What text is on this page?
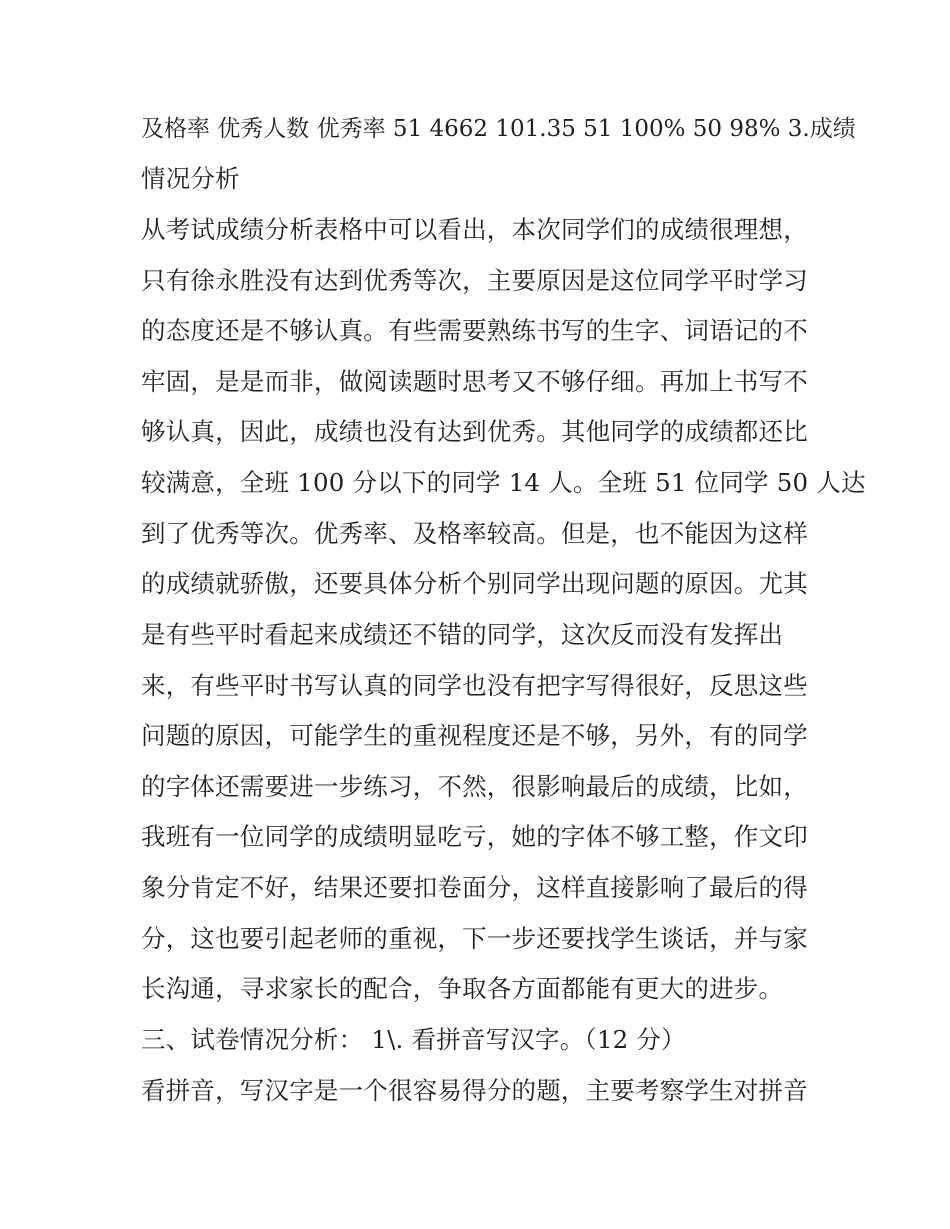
及格率 优秀人数 优秀率 51 4662 101.35 51 100% 50 98% 3.成绩
情况分析
从考试成绩分析表格中可以看出，本次同学们的成绩很理想，
只有徐永胜没有达到优秀等次，主要原因是这位同学平时学习
的态度还是不够认真。有些需要熟练书写的生字、词语记的不
牢固，是是而非，做阅读题时思考又不够仔细。再加上书写不
够认真，因此，成绩也没有达到优秀。其他同学的成绩都还比
较满意，全班 100 分以下的同学 14 人。全班 51 位同学 50 人达
到了优秀等次。优秀率、及格率较高。但是，也不能因为这样
的成绩就骄傲，还要具体分析个别同学出现问题的原因。尤其
是有些平时看起来成绩还不错的同学，这次反而没有发挥出
来，有些平时书写认真的同学也没有把字写得很好，反思这些
问题的原因，可能学生的重视程度还是不够，另外，有的同学
的字体还需要进一步练习，不然，很影响最后的成绩，比如，
我班有一位同学的成绩明显吃亏，她的字体不够工整，作文印
象分肯定不好，结果还要扣卷面分，这样直接影响了最后的得
分，这也要引起老师的重视，下一步还要找学生谈话，并与家
长沟通，寻求家长的配合，争取各方面都能有更大的进步。
三、试卷情况分析： 1\. 看拼音写汉字。（12 分）
看拼音，写汉字是一个很容易得分的题，主要考察学生对拼音
